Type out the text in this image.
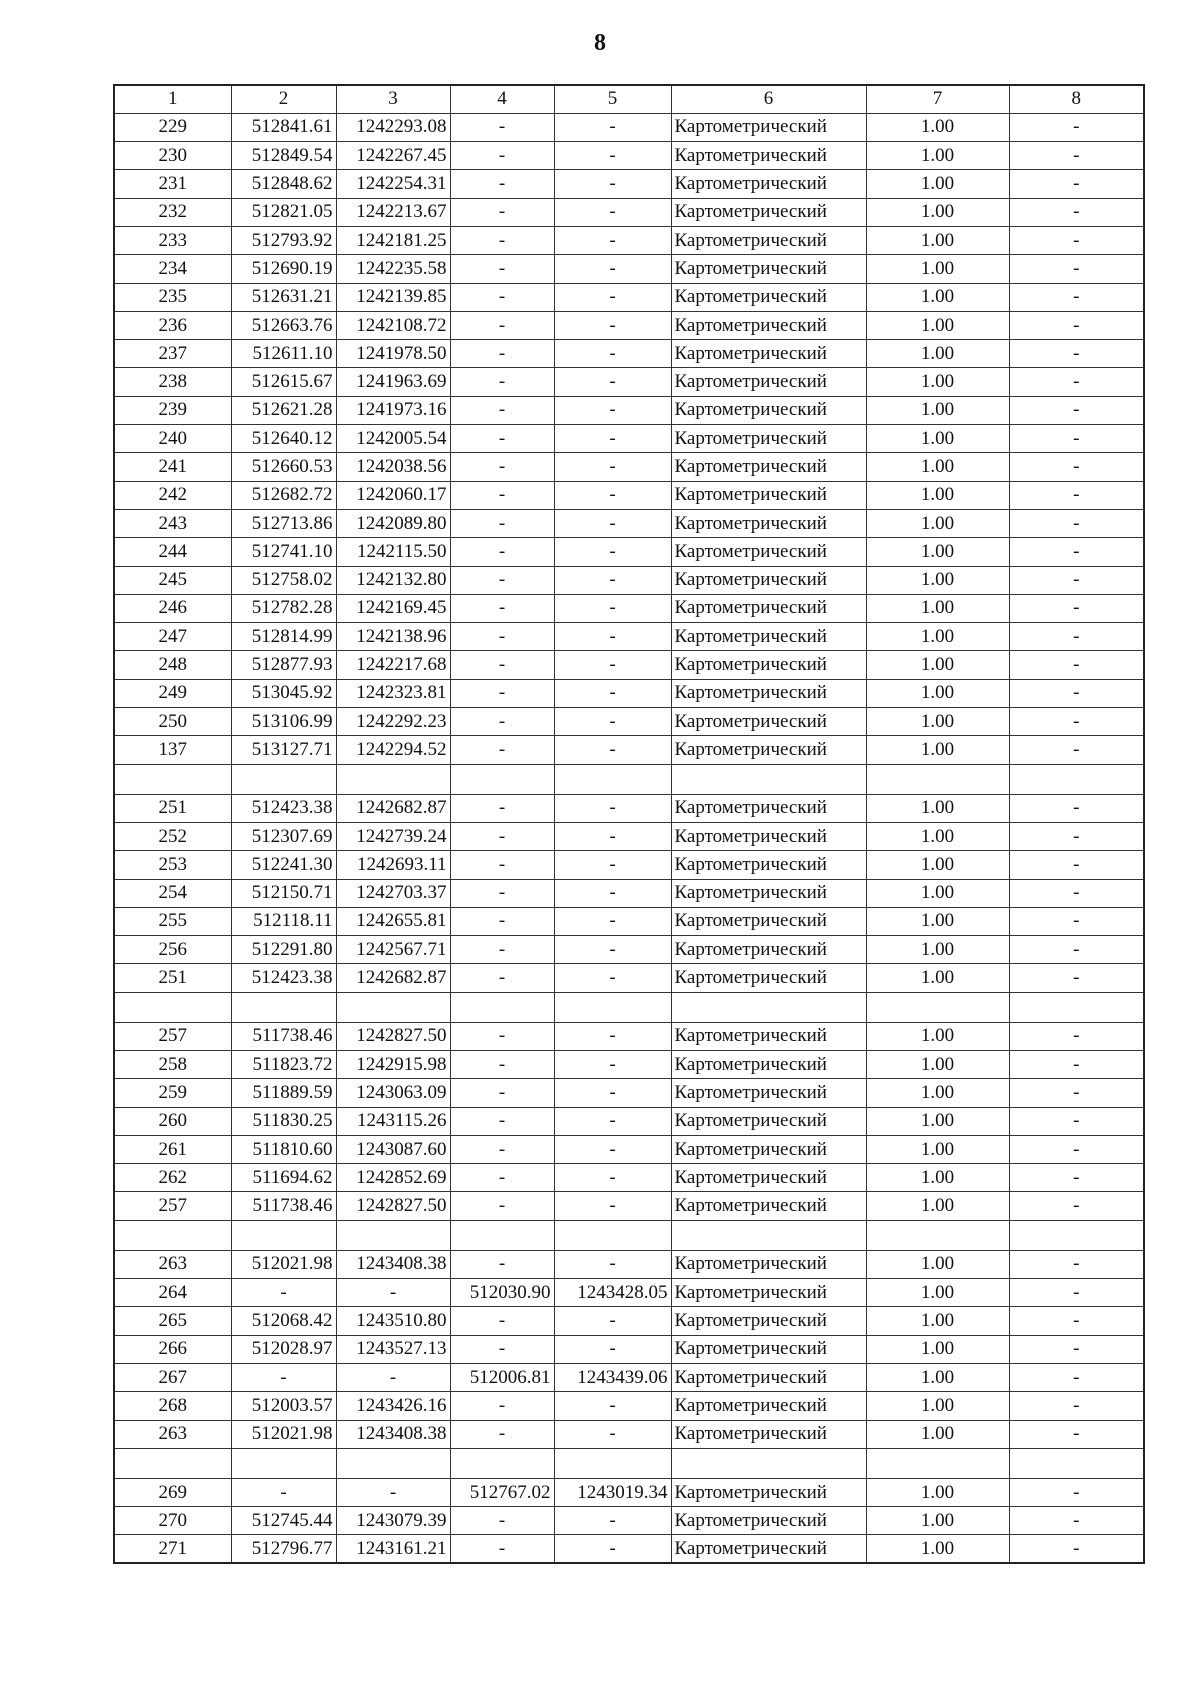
8
1	2	3	4	5	6	7	8
229	512841.61	1242293.08	-	-	Картометрический	1.00	-
230	512849.54	1242267.45	-	-	Картометрический	1.00	-
231	512848.62	1242254.31	-	-	Картометрический	1.00	-
232	512821.05	1242213.67	-	-	Картометрический	1.00	-
233	512793.92	1242181.25	-	-	Картометрический	1.00	-
234	512690.19	1242235.58	-	-	Картометрический	1.00	-
235	512631.21	1242139.85	-	-	Картометрический	1.00	-
236	512663.76	1242108.72	-	-	Картометрический	1.00	-
237	512611.10	1241978.50	-	-	Картометрический	1.00	-
238	512615.67	1241963.69	-	-	Картометрический	1.00	-
239	512621.28	1241973.16	-	-	Картометрический	1.00	-
240	512640.12	1242005.54	-	-	Картометрический	1.00	-
241	512660.53	1242038.56	-	-	Картометрический	1.00	-
242	512682.72	1242060.17	-	-	Картометрический	1.00	-
243	512713.86	1242089.80	-	-	Картометрический	1.00	-
244	512741.10	1242115.50	-	-	Картометрический	1.00	-
245	512758.02	1242132.80	-	-	Картометрический	1.00	-
246	512782.28	1242169.45	-	-	Картометрический	1.00	-
247	512814.99	1242138.96	-	-	Картометрический	1.00	-
248	512877.93	1242217.68	-	-	Картометрический	1.00	-
249	513045.92	1242323.81	-	-	Картометрический	1.00	-
250	513106.99	1242292.23	-	-	Картометрический	1.00	-
137	513127.71	1242294.52	-	-	Картометрический	1.00	-

251	512423.38	1242682.87	-	-	Картометрический	1.00	-
252	512307.69	1242739.24	-	-	Картометрический	1.00	-
253	512241.30	1242693.11	-	-	Картометрический	1.00	-
254	512150.71	1242703.37	-	-	Картометрический	1.00	-
255	512118.11	1242655.81	-	-	Картометрический	1.00	-
256	512291.80	1242567.71	-	-	Картометрический	1.00	-
251	512423.38	1242682.87	-	-	Картометрический	1.00	-

257	511738.46	1242827.50	-	-	Картометрический	1.00	-
258	511823.72	1242915.98	-	-	Картометрический	1.00	-
259	511889.59	1243063.09	-	-	Картометрический	1.00	-
260	511830.25	1243115.26	-	-	Картометрический	1.00	-
261	511810.60	1243087.60	-	-	Картометрический	1.00	-
262	511694.62	1242852.69	-	-	Картометрический	1.00	-
257	511738.46	1242827.50	-	-	Картометрический	1.00	-

263	512021.98	1243408.38	-	-	Картометрический	1.00	-
264	-	-	512030.90	1243428.05	Картометрический	1.00	-
265	512068.42	1243510.80	-	-	Картометрический	1.00	-
266	512028.97	1243527.13	-	-	Картометрический	1.00	-
267	-	-	512006.81	1243439.06	Картометрический	1.00	-
268	512003.57	1243426.16	-	-	Картометрический	1.00	-
263	512021.98	1243408.38	-	-	Картометрический	1.00	-

269	-	-	512767.02	1243019.34	Картометрический	1.00	-
270	512745.44	1243079.39	-	-	Картометрический	1.00	-
271	512796.77	1243161.21	-	-	Картометрический	1.00	-
